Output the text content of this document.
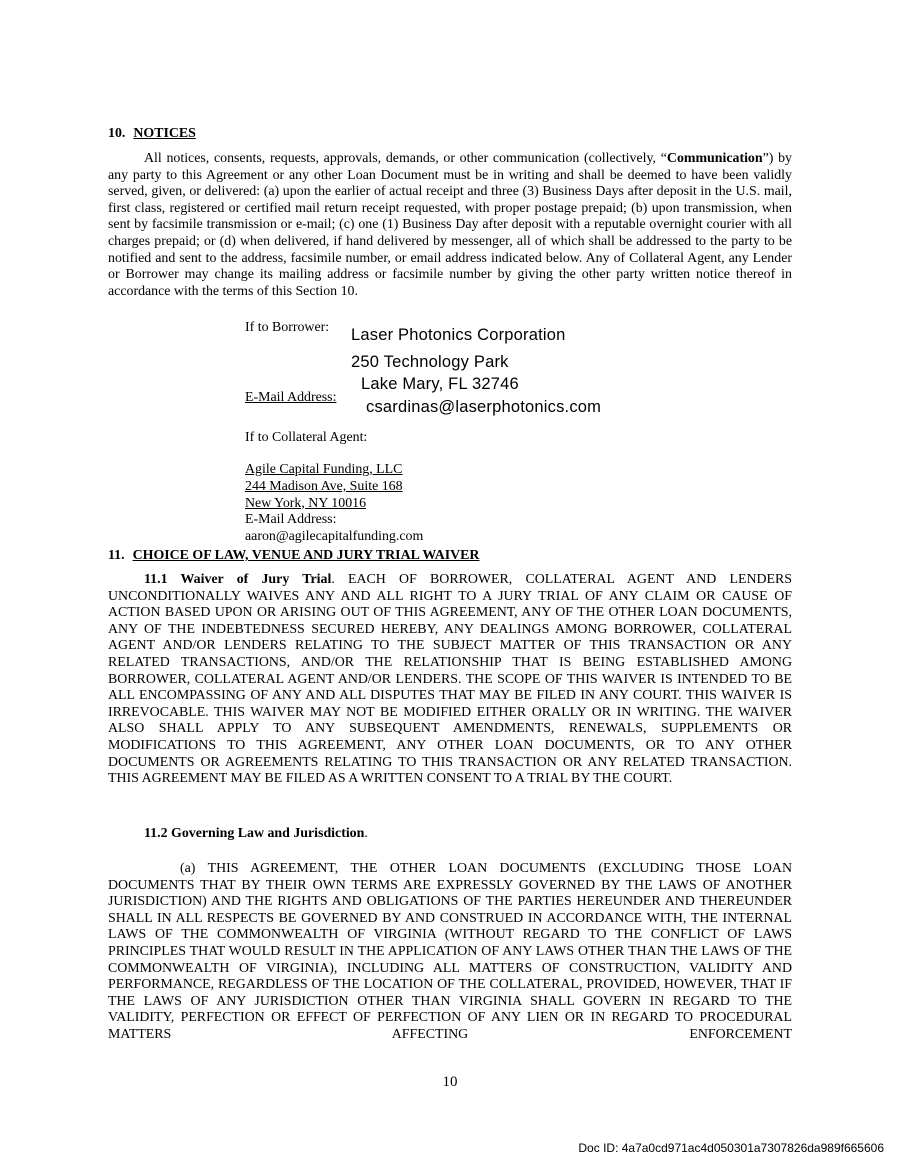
10. NOTICES
All notices, consents, requests, approvals, demands, or other communication (collectively, “Communication”) by any party to this Agreement or any other Loan Document must be in writing and shall be deemed to have been validly served, given, or delivered: (a) upon the earlier of actual receipt and three (3) Business Days after deposit in the U.S. mail, first class, registered or certified mail return receipt requested, with proper postage prepaid; (b) upon transmission, when sent by facsimile transmission or e-mail; (c) one (1) Business Day after deposit with a reputable overnight courier with all charges prepaid; or (d) when delivered, if hand delivered by messenger, all of which shall be addressed to the party to be notified and sent to the address, facsimile number, or email address indicated below. Any of Collateral Agent, any Lender or Borrower may change its mailing address or facsimile number by giving the other party written notice thereof in accordance with the terms of this Section 10.
If to Borrower: Laser Photonics Corporation
250 Technology Park
Lake Mary, FL 32746
E-Mail Address:
csardinas@laserphotonics.com
If to Collateral Agent:
Agile Capital Funding, LLC
244 Madison Ave, Suite 168
New York, NY 10016
E-Mail Address:
aaron@agilecapitalfunding.com
11. CHOICE OF LAW, VENUE AND JURY TRIAL WAIVER
11.1 Waiver of Jury Trial. EACH OF BORROWER, COLLATERAL AGENT AND LENDERS UNCONDITIONALLY WAIVES ANY AND ALL RIGHT TO A JURY TRIAL OF ANY CLAIM OR CAUSE OF ACTION BASED UPON OR ARISING OUT OF THIS AGREEMENT, ANY OF THE OTHER LOAN DOCUMENTS, ANY OF THE INDEBTEDNESS SECURED HEREBY, ANY DEALINGS AMONG BORROWER, COLLATERAL AGENT AND/OR LENDERS RELATING TO THE SUBJECT MATTER OF THIS TRANSACTION OR ANY RELATED TRANSACTIONS, AND/OR THE RELATIONSHIP THAT IS BEING ESTABLISHED AMONG BORROWER, COLLATERAL AGENT AND/OR LENDERS. THE SCOPE OF THIS WAIVER IS INTENDED TO BE ALL ENCOMPASSING OF ANY AND ALL DISPUTES THAT MAY BE FILED IN ANY COURT. THIS WAIVER IS IRREVOCABLE. THIS WAIVER MAY NOT BE MODIFIED EITHER ORALLY OR IN WRITING. THE WAIVER ALSO SHALL APPLY TO ANY SUBSEQUENT AMENDMENTS, RENEWALS, SUPPLEMENTS OR MODIFICATIONS TO THIS AGREEMENT, ANY OTHER LOAN DOCUMENTS, OR TO ANY OTHER DOCUMENTS OR AGREEMENTS RELATING TO THIS TRANSACTION OR ANY RELATED TRANSACTION. THIS AGREEMENT MAY BE FILED AS A WRITTEN CONSENT TO A TRIAL BY THE COURT.
11.2 Governing Law and Jurisdiction.
(a) THIS AGREEMENT, THE OTHER LOAN DOCUMENTS (EXCLUDING THOSE LOAN DOCUMENTS THAT BY THEIR OWN TERMS ARE EXPRESSLY GOVERNED BY THE LAWS OF ANOTHER JURISDICTION) AND THE RIGHTS AND OBLIGATIONS OF THE PARTIES HEREUNDER AND THEREUNDER SHALL IN ALL RESPECTS BE GOVERNED BY AND CONSTRUED IN ACCORDANCE WITH, THE INTERNAL LAWS OF THE COMMONWEALTH OF VIRGINIA (WITHOUT REGARD TO THE CONFLICT OF LAWS PRINCIPLES THAT WOULD RESULT IN THE APPLICATION OF ANY LAWS OTHER THAN THE LAWS OF THE COMMONWEALTH OF VIRGINIA), INCLUDING ALL MATTERS OF CONSTRUCTION, VALIDITY AND PERFORMANCE, REGARDLESS OF THE LOCATION OF THE COLLATERAL, PROVIDED, HOWEVER, THAT IF THE LAWS OF ANY JURISDICTION OTHER THAN VIRGINIA SHALL GOVERN IN REGARD TO THE VALIDITY, PERFECTION OR EFFECT OF PERFECTION OF ANY LIEN OR IN REGARD TO PROCEDURAL MATTERS AFFECTING ENFORCEMENT
10
Doc ID: 4a7a0cd971ac4d050301a7307826da989f665606
